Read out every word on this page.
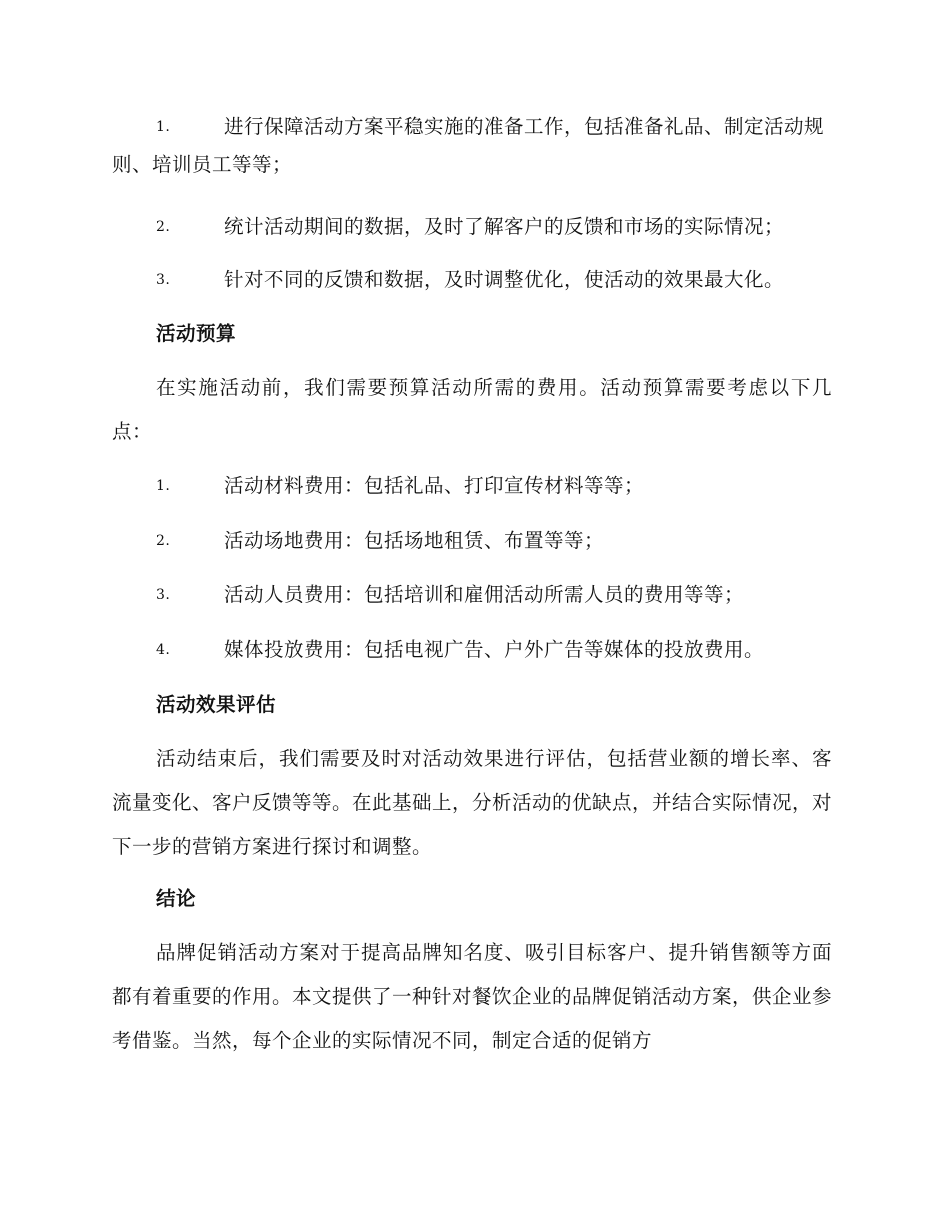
1.	进行保障活动方案平稳实施的准备工作，包括准备礼品、制定活动规则、培训员工等等；
2.	统计活动期间的数据，及时了解客户的反馈和市场的实际情况；
3.	针对不同的反馈和数据，及时调整优化，使活动的效果最大化。
活动预算
在实施活动前，我们需要预算活动所需的费用。活动预算需要考虑以下几点：
1.	活动材料费用：包括礼品、打印宣传材料等等；
2.	活动场地费用：包括场地租赁、布置等等；
3.	活动人员费用：包括培训和雇佣活动所需人员的费用等等；
4.	媒体投放费用：包括电视广告、户外广告等媒体的投放费用。
活动效果评估
活动结束后，我们需要及时对活动效果进行评估，包括营业额的增长率、客流量变化、客户反馈等等。在此基础上，分析活动的优缺点，并结合实际情况，对下一步的营销方案进行探讨和调整。
结论
品牌促销活动方案对于提高品牌知名度、吸引目标客户、提升销售额等方面都有着重要的作用。本文提供了一种针对餐饮企业的品牌促销活动方案，供企业参考借鉴。当然，每个企业的实际情况不同，制定合适的促销方
